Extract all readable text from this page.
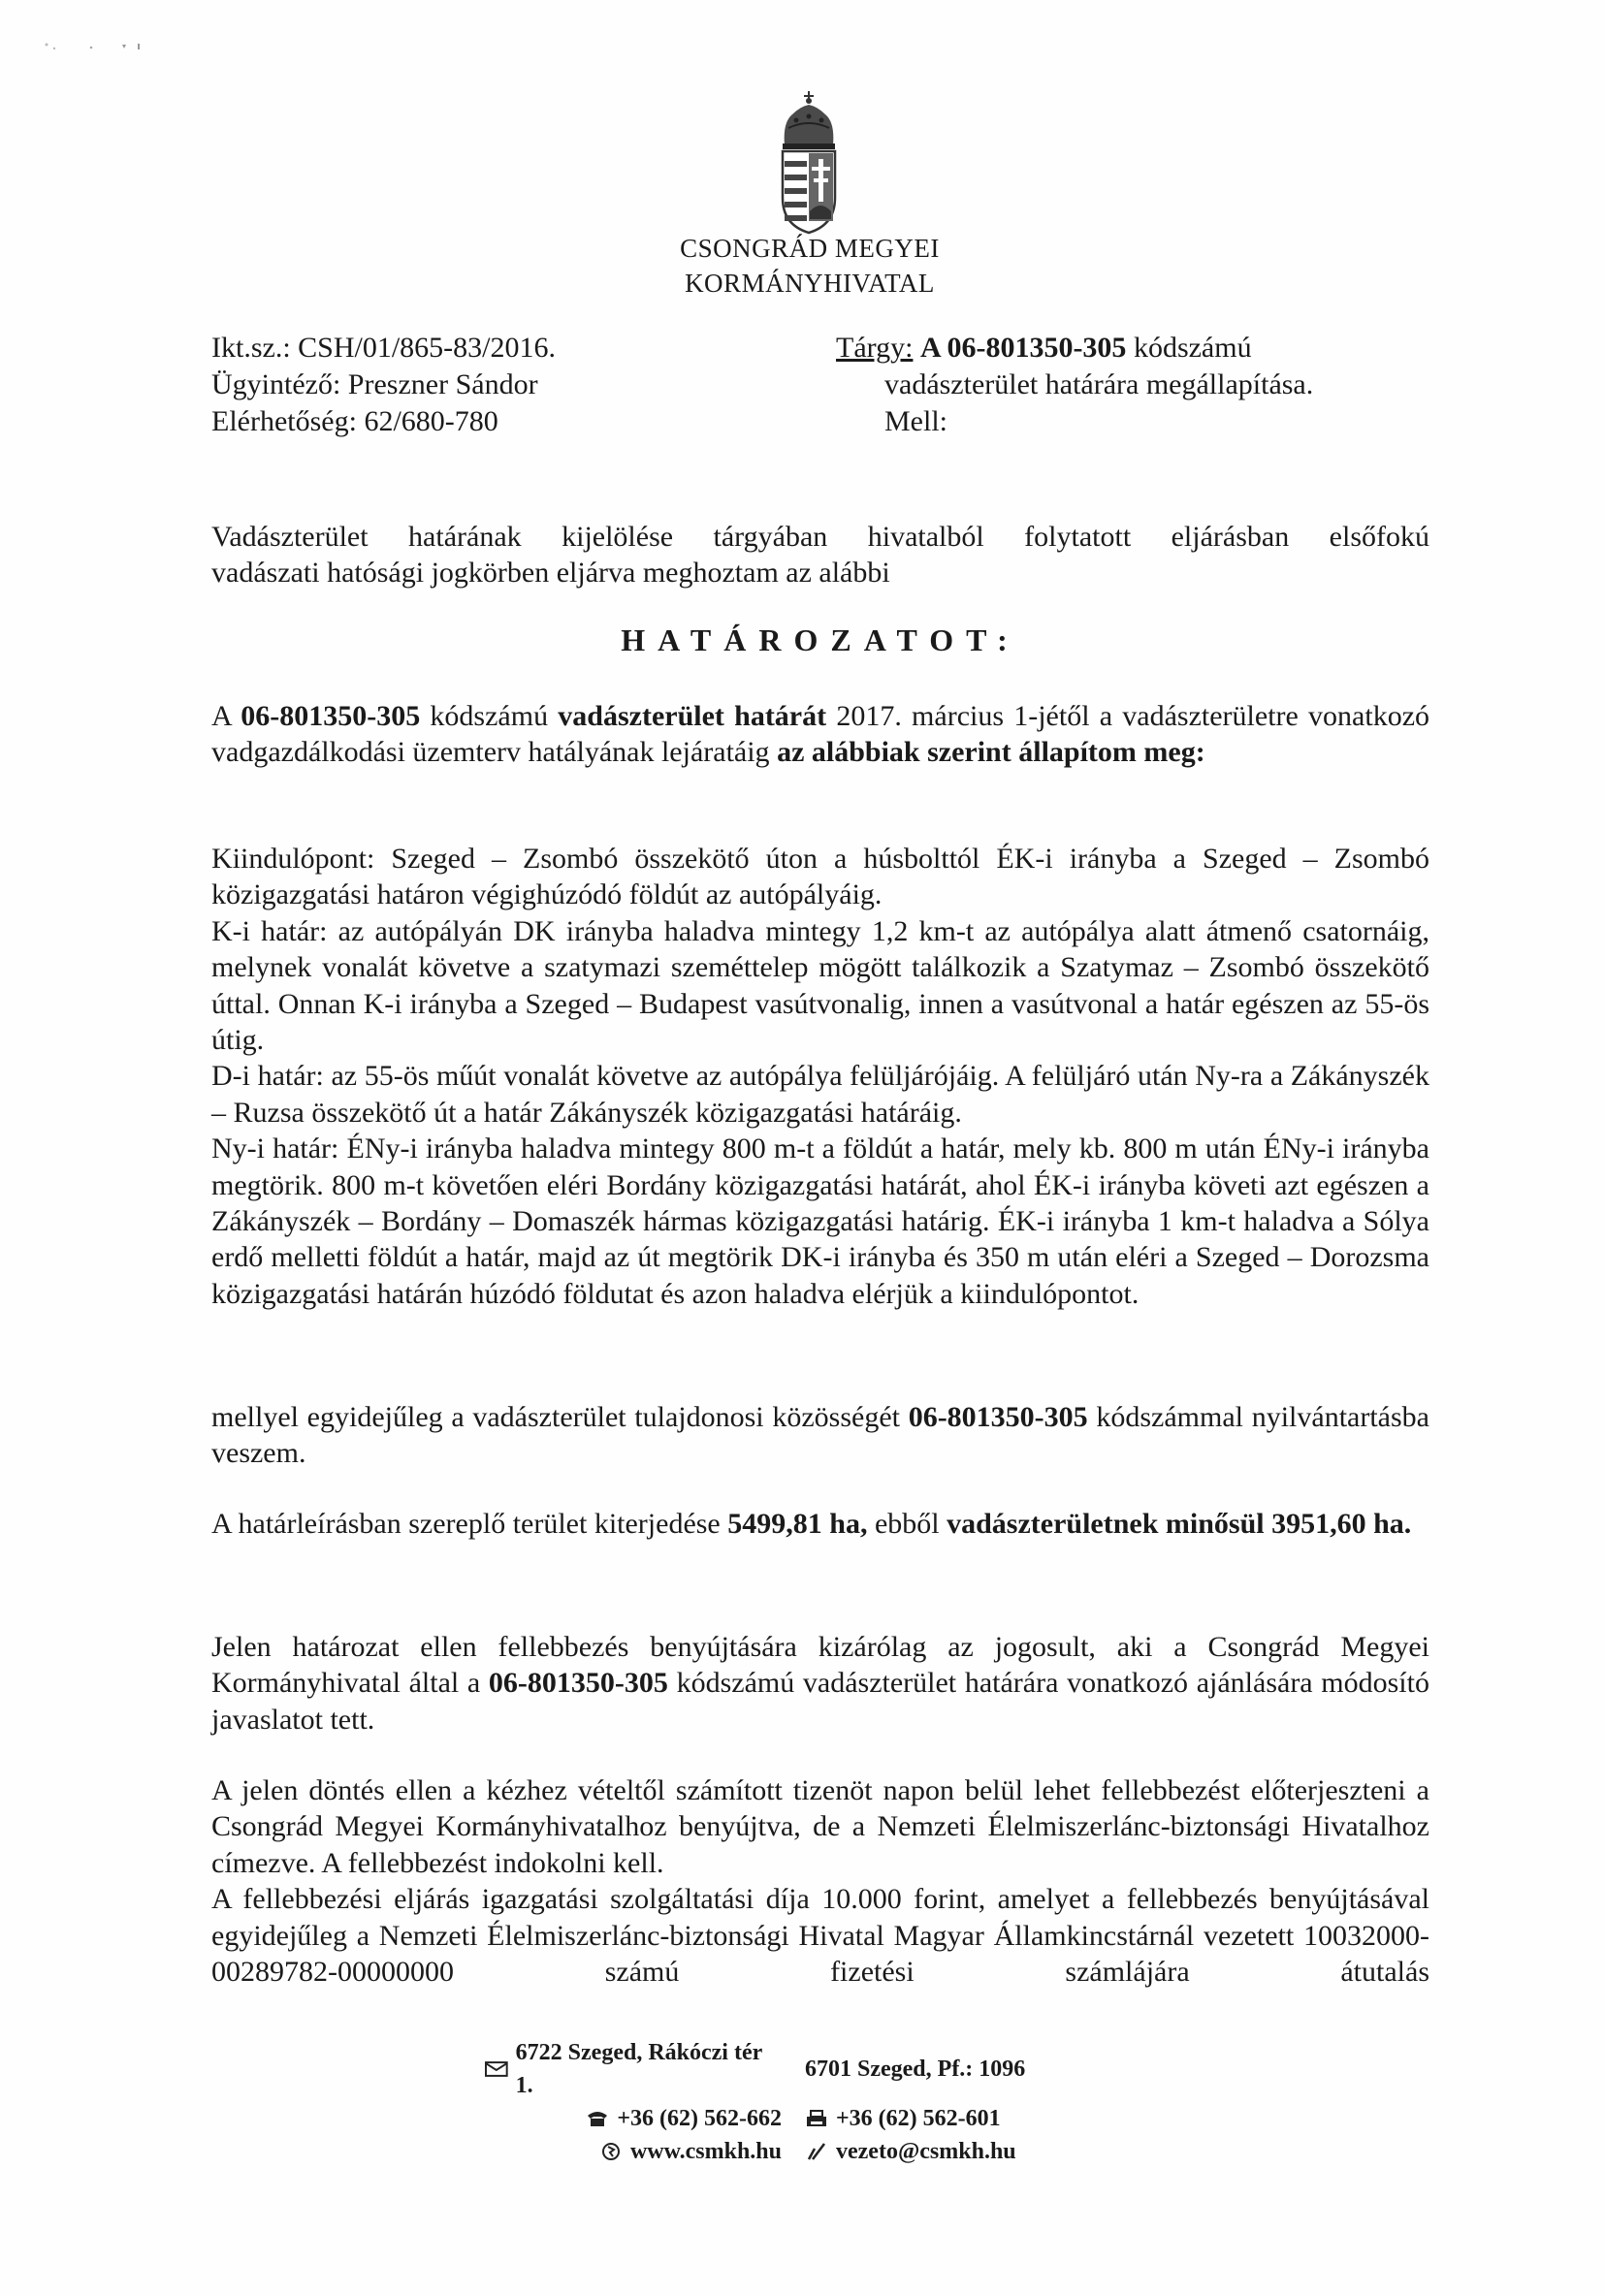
CSONGRÁD MEGYEI
KORMÁNYHIVATAL
Ikt.sz.: CSH/01/865-83/2016.
Ügyintéző: Preszner Sándor
Elérhetőség: 62/680-780
Tárgy: A 06-801350-305 kódszámú
vadászterület határára megállapítása.
Mell:

Vadászterület határának kijelölése tárgyában hivatalból folytatott eljárásban elsőfokú

vadászati hatósági jogkörben eljárva meghoztam az alábbi

HATÁROZATOT:

A 06-801350-305 kódszámú vadászterület határát 2017. március 1-jétől a vadászterületre vonatkozó vadgazdálkodási üzemterv hatályának lejáratáig az alábbiak szerint állapítom meg:

Kiindulópont: Szeged – Zsombó összekötő úton a húsbolttól ÉK-i irányba a Szeged – Zsombó közigazgatási határon végighúzódó földút az autópályáig.

K-i határ: az autópályán DK irányba haladva mintegy 1,2 km-t az autópálya alatt átmenő csatornáig, melynek vonalát követve a szatymazi szeméttelep mögött találkozik a Szatymaz – Zsombó összekötő úttal. Onnan K-i irányba a Szeged – Budapest vasútvonalig, innen a vasútvonal a határ egészen az 55-ös útig.

D-i határ: az 55-ös műút vonalát követve az autópálya felüljárójáig. A felüljáró után Ny-ra a Zákányszék – Ruzsa összekötő út a határ Zákányszék közigazgatási határáig.

Ny-i határ: ÉNy-i irányba haladva mintegy 800 m-t a földút a határ, mely kb. 800 m után ÉNy-i irányba megtörik. 800 m-t követően eléri Bordány közigazgatási határát, ahol ÉK-i irányba követi azt egészen a Zákányszék – Bordány – Domaszék hármas közigazgatási határig. ÉK-i irányba 1 km-t haladva a Sólya erdő melletti földút a határ, majd az út megtörik DK-i irányba és 350 m után eléri a Szeged – Dorozsma közigazgatási határán húzódó földutat és azon haladva elérjük a kiindulópontot.

mellyel egyidejűleg a vadászterület tulajdonosi közösségét 06-801350-305 kódszámmal nyilvántartásba veszem.

A határleírásban szereplő terület kiterjedése 5499,81 ha, ebből vadászterületnek minősül 3951,60 ha.

Jelen határozat ellen fellebbezés benyújtására kizárólag az jogosult, aki a Csongrád Megyei Kormányhivatal által a 06-801350-305 kódszámú vadászterület határára vonatkozó ajánlására módosító javaslatot tett.

A jelen döntés ellen a kézhez vételtől számított tizenöt napon belül lehet fellebbezést előterjeszteni a Csongrád Megyei Kormányhivatalhoz benyújtva, de a Nemzeti Élelmiszerlánc-biztonsági Hivatalhoz címezve. A fellebbezést indokolni kell.

A fellebbezési eljárás igazgatási szolgáltatási díja 10.000 forint, amelyet a fellebbezés benyújtásával egyidejűleg a Nemzeti Élelmiszerlánc-biztonsági Hivatal Magyar Államkincstárnál vezetett 10032000-00289782-00000000 számú fizetési számlájára átutalás

6722 Szeged, Rákóczi tér 1.
6701 Szeged, Pf.: 1096
+36 (62) 562-662 +36 (62) 562-601
www.csmkh.hu vezeto@csmkh.hu
